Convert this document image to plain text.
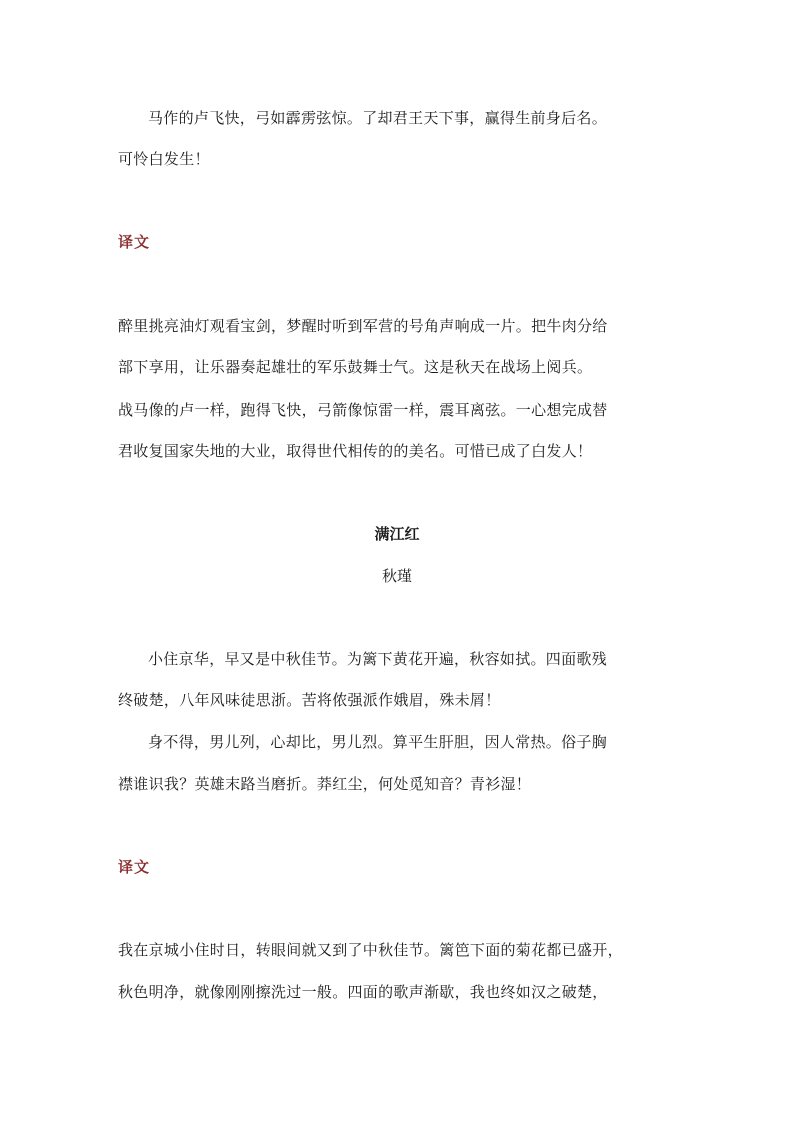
马作的卢飞快，弓如霹雳弦惊。了却君王天下事，赢得生前身后名。
可怜白发生！
译文
醉里挑亮油灯观看宝剑，梦醒时听到军营的号角声响成一片。把牛肉分给
部下享用，让乐器奏起雄壮的军乐鼓舞士气。这是秋天在战场上阅兵。
战马像的卢一样，跑得飞快，弓箭像惊雷一样，震耳离弦。一心想完成替
君收复国家失地的大业，取得世代相传的的美名。可惜已成了白发人！
满江红
秋瑾
小住京华，早又是中秋佳节。为篱下黄花开遍，秋容如拭。四面歌残
终破楚，八年风味徒思浙。苦将侬强派作娥眉，殊未屑！
身不得，男儿列，心却比，男儿烈。算平生肝胆，因人常热。俗子胸
襟谁识我？英雄末路当磨折。莽红尘，何处觅知音？青衫湿！
译文
我在京城小住时日，转眼间就又到了中秋佳节。篱笆下面的菊花都已盛开，
秋色明净，就像刚刚擦洗过一般。四面的歌声渐歇，我也终如汉之破楚，
